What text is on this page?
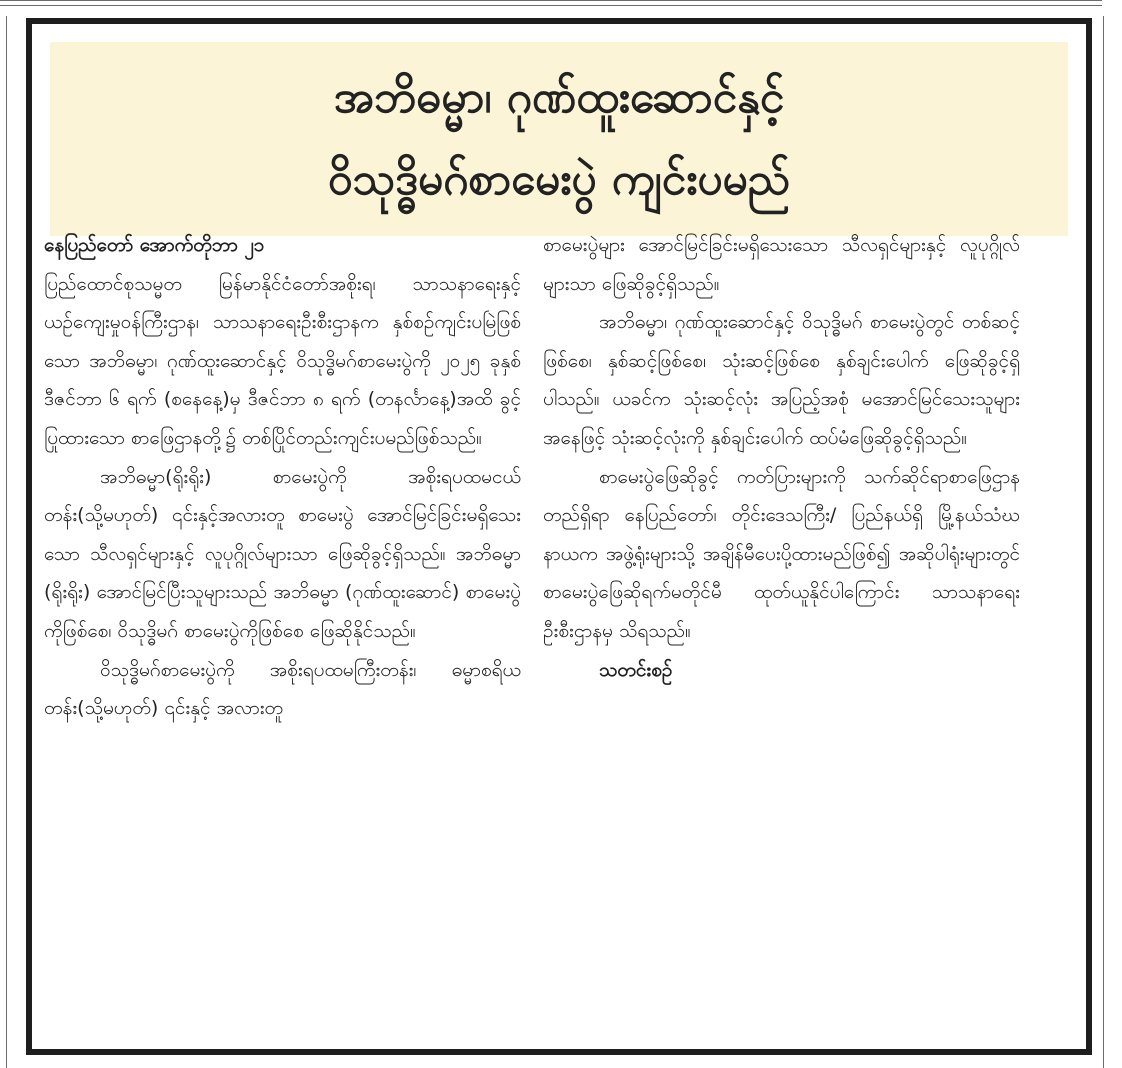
အဘိဓမ္မာ၊ ဂုဏ်ထူးဆောင်နှင့်
ဝိသုဒ္ဓိမဂ်စာမေးပွဲ ကျင်းပမည်

နေပြည်တော် အောက်တိုဘာ ၂၁

ပြည်ထောင်စုသမ္မတ မြန်မာနိုင်ငံတော်အစိုးရ၊ သာသနာရေးနှင့်ယဉ်ကျေးမှုဝန်ကြီးဌာန၊ သာသနာရေးဦးစီးဌာနက နှစ်စဉ်ကျင်းပမြဲဖြစ်သော အဘိဓမ္မာ၊ ဂုဏ်ထူးဆောင်နှင့် ဝိသုဒ္ဓိမဂ်စာမေးပွဲကို ၂၀၂၅ ခုနှစ် ဒီဇင်ဘာ ၆ ရက် (စနေနေ့)မှ ဒီဇင်ဘာ ၈ ရက် (တနင်္လာနေ့)အထိ ခွင့်ပြုထားသော စာဖြေဌာနတို့၌ တစ်ပြိုင်တည်းကျင်းပမည်ဖြစ်သည်။

အဘိဓမ္မာ(ရိုးရိုး) စာမေးပွဲကို အစိုးရပထမငယ်တန်း(သို့မဟုတ်) ၎င်းနှင့်အလားတူ စာမေးပွဲ အောင်မြင်ခြင်းမရှိသေးသော သီလရှင်များနှင့် လူပုဂ္ဂိုလ်များသာ ဖြေဆိုခွင့်ရှိသည်။ အဘိဓမ္မာ (ရိုးရိုး) အောင်မြင်ပြီးသူများသည် အဘိဓမ္မာ (ဂုဏ်ထူးဆောင်) စာမေးပွဲကိုဖြစ်စေ၊ ဝိသုဒ္ဓိမဂ် စာမေးပွဲကိုဖြစ်စေ ဖြေဆိုနိုင်သည်။

ဝိသုဒ္ဓိမဂ်စာမေးပွဲကို အစိုးရပထမကြီးတန်း၊ ဓမ္မာစရိယတန်း(သို့မဟုတ်) ၎င်းနှင့် အလားတူ

စာမေးပွဲများ အောင်မြင်ခြင်းမရှိသေးသော သီလရှင်များနှင့် လူပုဂ္ဂိုလ်များသာ ဖြေဆိုခွင့်ရှိသည်။

အဘိဓမ္မာ၊ ဂုဏ်ထူးဆောင်နှင့် ဝိသုဒ္ဓိမဂ် စာမေးပွဲတွင် တစ်ဆင့်ဖြစ်စေ၊ နှစ်ဆင့်ဖြစ်စေ၊ သုံးဆင့်ဖြစ်စေ နှစ်ချင်းပေါက် ဖြေဆိုခွင့်ရှိပါသည်။ ယခင်က သုံးဆင့်လုံး အပြည့်အစုံ မအောင်မြင်သေးသူများအနေဖြင့် သုံးဆင့်လုံးကို နှစ်ချင်းပေါက် ထပ်မံဖြေဆိုခွင့်ရှိသည်။

စာမေးပွဲဖြေဆိုခွင့် ကတ်ပြားများကို သက်ဆိုင်ရာစာဖြေဌာနတည်ရှိရာ နေပြည်တော်၊ တိုင်းဒေသကြီး/ ပြည်နယ်ရှိ မြို့နယ်သံဃနာယက အဖွဲ့ရုံးများသို့ အချိန်မီပေးပို့ထားမည်ဖြစ်၍ အဆိုပါရုံးများတွင် စာမေးပွဲဖြေဆိုရက်မတိုင်မီ ထုတ်ယူနိုင်ပါကြောင်း သာသနာရေးဦးစီးဌာနမှ သိရသည်။

သတင်းစဉ်
